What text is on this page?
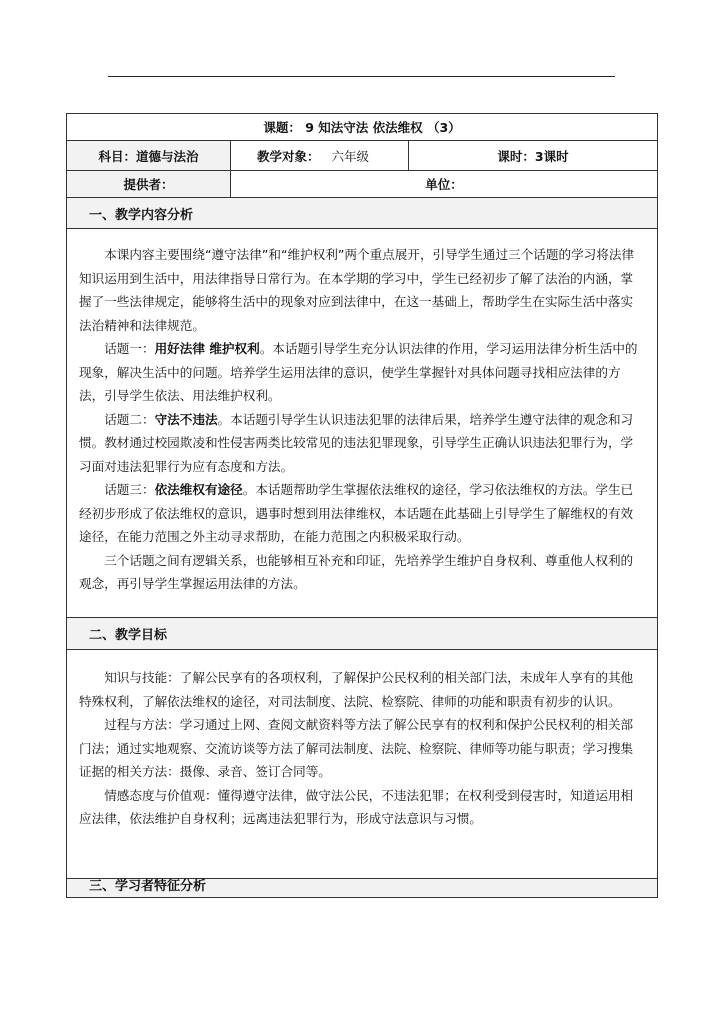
课题： 9 知法守法 依法维权 （3）
科目：道德与法治	教学对象： 六年级	课时：3课时
提供者：	单位：
一、教学内容分析

本课内容主要围绕“遵守法律”和“维护权利”两个重点展开，引导学生通过三个话题的学习将法律知识运用到生活中，用法律指导日常行为。在本学期的学习中，学生已经初步了解了法治的内涵，掌握了一些法律规定，能够将生活中的现象对应到法律中，在这一基础上，帮助学生在实际生活中落实法治精神和法律规范。

话题一：用好法律 维护权利。本话题引导学生充分认识法律的作用，学习运用法律分析生活中的现象，解决生活中的问题。培养学生运用法律的意识，使学生掌握针对具体问题寻找相应法律的方法，引导学生依法、用法维护权利。

话题二：守法不违法。本话题引导学生认识违法犯罪的法律后果，培养学生遵守法律的观念和习惯。教材通过校园欺凌和性侵害两类比较常见的违法犯罪现象，引导学生正确认识违法犯罪行为，学习面对违法犯罪行为应有态度和方法。

话题三：依法维权有途径。本话题帮助学生掌握依法维权的途径，学习依法维权的方法。学生已经初步形成了依法维权的意识，遇事时想到用法律维权，本话题在此基础上引导学生了解维权的有效途径，在能力范围之外主动寻求帮助，在能力范围之内积极采取行动。

三个话题之间有逻辑关系，也能够相互补充和印证，先培养学生维护自身权利、尊重他人权利的观念，再引导学生掌握运用法律的方法。

二、教学目标

知识与技能：了解公民享有的各项权利，了解保护公民权利的相关部门法，未成年人享有的其他特殊权利，了解依法维权的途径，对司法制度、法院、检察院、律师的功能和职责有初步的认识。

过程与方法：学习通过上网、查阅文献资料等方法了解公民享有的权利和保护公民权利的相关部门法；通过实地观察、交流访谈等方法了解司法制度、法院、检察院、律师等功能与职责；学习搜集证据的相关方法：摄像、录音、签订合同等。

情感态度与价值观：懂得遵守法律，做守法公民，不违法犯罪；在权利受到侵害时，知道运用相应法律，依法维护自身权利；远离违法犯罪行为，形成守法意识与习惯。

三、学习者特征分析
